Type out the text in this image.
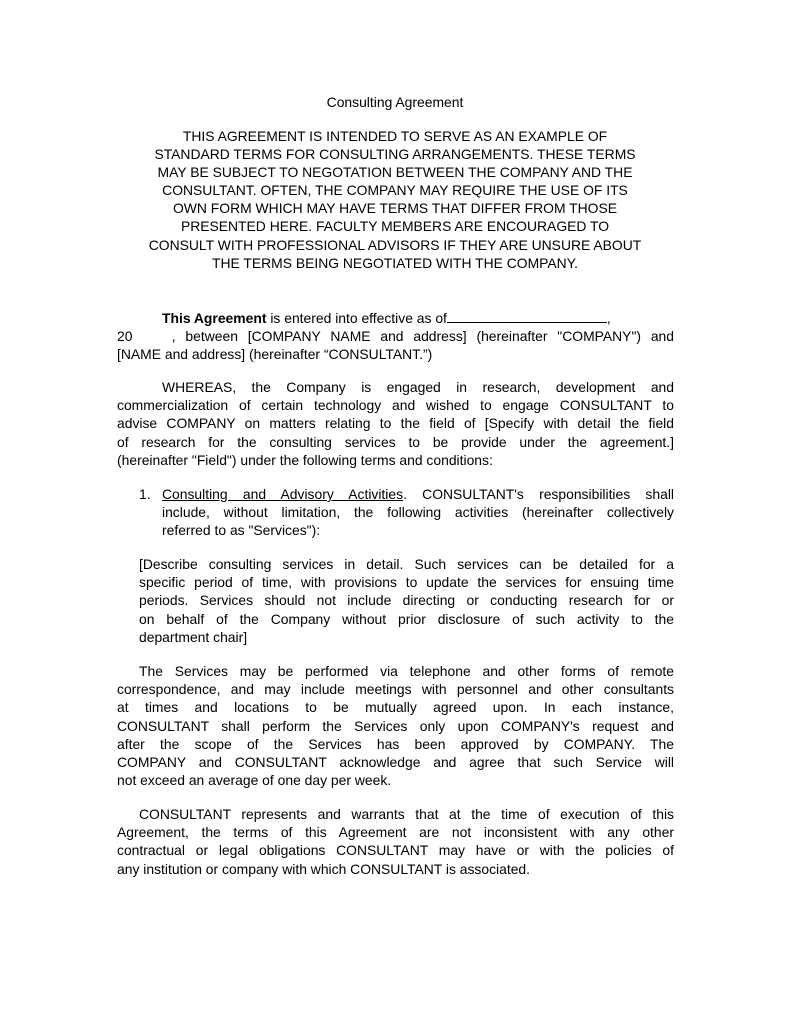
Consulting Agreement
THIS AGREEMENT IS INTENDED TO SERVE AS AN EXAMPLE OF
STANDARD TERMS FOR CONSULTING ARRANGEMENTS. THESE TERMS
MAY BE SUBJECT TO NEGOTATION BETWEEN THE COMPANY AND THE
CONSULTANT. OFTEN, THE COMPANY MAY REQUIRE THE USE OF ITS
OWN FORM WHICH MAY HAVE TERMS THAT DIFFER FROM THOSE
PRESENTED HERE. FACULTY MEMBERS ARE ENCOURAGED TO
CONSULT WITH PROFESSIONAL ADVISORS IF THEY ARE UNSURE ABOUT
THE TERMS BEING NEGOTIATED WITH THE COMPANY.
This Agreement is entered into effective as of	,
20    , between [COMPANY NAME and address] (hereinafter "COMPANY") and
[NAME and address] (hereinafter “CONSULTANT.”)
WHEREAS, the Company is engaged in research, development and
commercialization of certain technology and wished to engage CONSULTANT to
advise COMPANY on matters relating to the field of [Specify with detail the field
of research for the consulting services to be provide under the agreement.]
(hereinafter "Field") under the following terms and conditions:
1. Consulting and Advisory Activities. CONSULTANT's responsibilities shall
include, without limitation, the following activities (hereinafter collectively
referred to as "Services"):
[Describe consulting services in detail. Such services can be detailed for a
specific period of time, with provisions to update the services for ensuing time
periods. Services should not include directing or conducting research for or
on behalf of the Company without prior disclosure of such activity to the
department chair]
The Services may be performed via telephone and other forms of remote
correspondence, and may include meetings with personnel and other consultants
at times and locations to be mutually agreed upon. In each instance,
CONSULTANT shall perform the Services only upon COMPANY's request and
after the scope of the Services has been approved by COMPANY. The
COMPANY and CONSULTANT acknowledge and agree that such Service will
not exceed an average of one day per week.
CONSULTANT represents and warrants that at the time of execution of this
Agreement, the terms of this Agreement are not inconsistent with any other
contractual or legal obligations CONSULTANT may have or with the policies of
any institution or company with which CONSULTANT is associated.
